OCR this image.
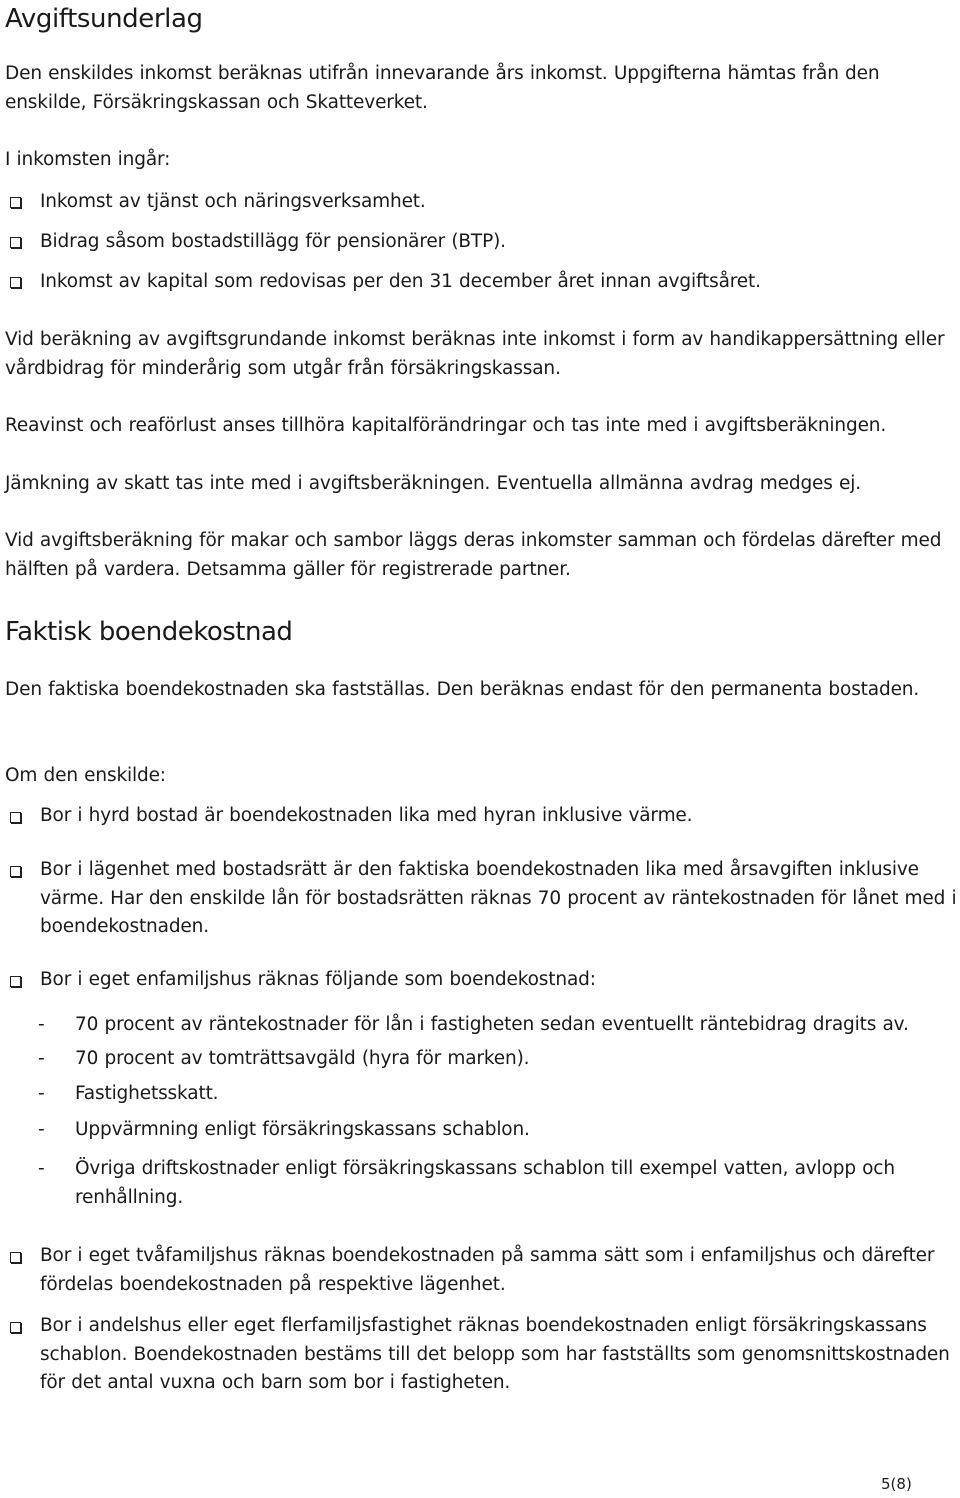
Avgiftsunderlag

Den enskildes inkomst beräknas utifrån innevarande års inkomst. Uppgifterna hämtas från den enskilde, Försäkringskassan och Skatteverket.

I inkomsten ingår:

Inkomst av tjänst och näringsverksamhet.

Bidrag såsom bostadstillägg för pensionärer (BTP).

Inkomst av kapital som redovisas per den 31 december året innan avgiftsåret.

Vid beräkning av avgiftsgrundande inkomst beräknas inte inkomst i form av handikappersättning eller vårdbidrag för minderårig som utgår från försäkringskassan.

Reavinst och reaförlust anses tillhöra kapitalförändringar och tas inte med i avgiftsberäkningen.

Jämkning av skatt tas inte med i avgiftsberäkningen. Eventuella allmänna avdrag medges ej.

Vid avgiftsberäkning för makar och sambor läggs deras inkomster samman och fördelas därefter med hälften på vardera. Detsamma gäller för registrerade partner.

Faktisk boendekostnad

Den faktiska boendekostnaden ska fastställas. Den beräknas endast för den permanenta bostaden.

Om den enskilde:

Bor i hyrd bostad är boendekostnaden lika med hyran inklusive värme.

Bor i lägenhet med bostadsrätt är den faktiska boendekostnaden lika med årsavgiften inklusive värme. Har den enskilde lån för bostadsrätten räknas 70 procent av räntekostnaden för lånet med i boendekostnaden.

Bor i eget enfamiljshus räknas följande som boendekostnad:

- 70 procent av räntekostnader för lån i fastigheten sedan eventuellt räntebidrag dragits av.

- 70 procent av tomträttsavgäld (hyra för marken).

- Fastighetsskatt.

- Uppvärmning enligt försäkringskassans schablon.

- Övriga driftskostnader enligt försäkringskassans schablon till exempel vatten, avlopp och renhållning.

Bor i eget tvåfamiljshus räknas boendekostnaden på samma sätt som i enfamiljshus och därefter fördelas boendekostnaden på respektive lägenhet.

Bor i andelshus eller eget flerfamiljsfastighet räknas boendekostnaden enligt försäkringskassans schablon. Boendekostnaden bestäms till det belopp som har fastställts som genomsnittskostnaden för det antal vuxna och barn som bor i fastigheten.

5(8)
